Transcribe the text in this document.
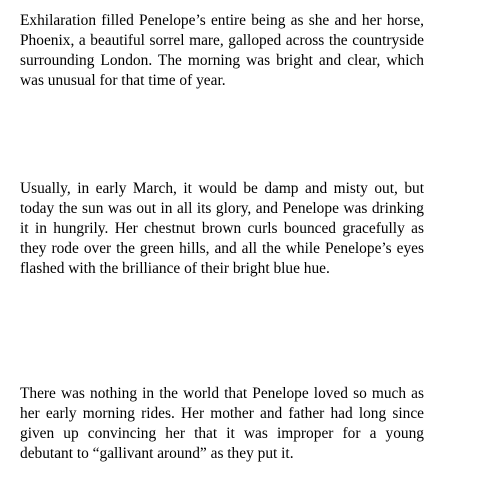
Exhilaration filled Penelope’s entire being as she and her horse, Phoenix, a beautiful sorrel mare, galloped across the countryside surrounding London. The morning was bright and clear, which was unusual for that time of year.

Usually, in early March, it would be damp and misty out, but today the sun was out in all its glory, and Penelope was drinking it in hungrily. Her chestnut brown curls bounced gracefully as they rode over the green hills, and all the while Penelope’s eyes flashed with the brilliance of their bright blue hue.

There was nothing in the world that Penelope loved so much as her early morning rides. Her mother and father had long since given up convincing her that it was improper for a young debutant to “gallivant around” as they put it.
